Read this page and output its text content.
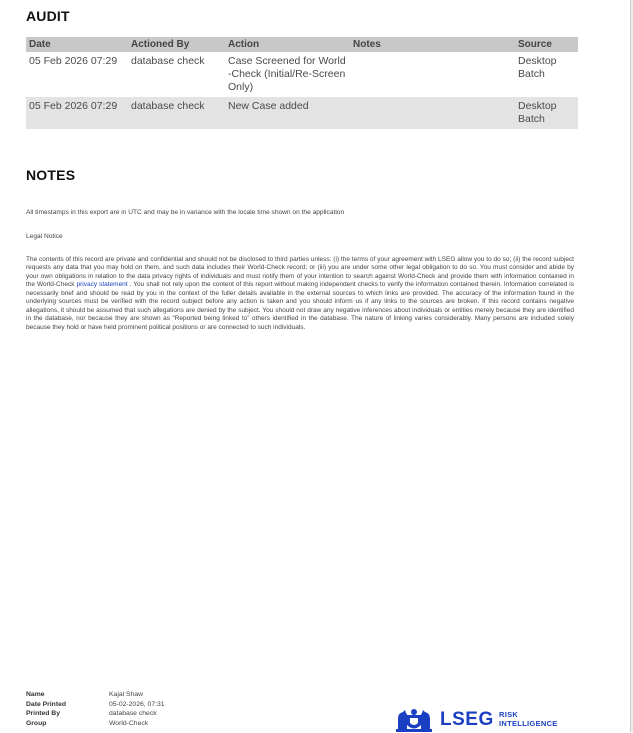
AUDIT
Date	Actioned By	Action	Notes	Source
05 Feb 2026 07:29	database check	Case Screened for World-Check (Initial/Re-Screen Only)		Desktop Batch
05 Feb 2026 07:29	database check	New Case added		Desktop Batch
NOTES
All timestamps in this export are in UTC and may be in variance with the locale time shown on the application
Legal Notice
The contents of this record are private and confidential and should not be disclosed to third parties unless: (i) the terms of your agreement with LSEG allow you to do so; (ii) the record subject requests any data that you may hold on them, and such data includes their World-Check record; or (iii) you are under some other legal obligation to do so. You must consider and abide by your own obligations in relation to the data privacy rights of individuals and must notify them of your intention to search against World-Check and provide them with information contained in the World-Check privacy statement . You shall not rely upon the content of this report without making independent checks to verify the information contained therein. Information correlated is necessarily brief and should be read by you in the context of the fuller details available in the external sources to which links are provided. The accuracy of the information found in the underlying sources must be verified with the record subject before any action is taken and you should inform us if any links to the sources are broken. If this record contains negative allegations, it should be assumed that such allegations are denied by the subject. You should not draw any negative inferences about individuals or entities merely because they are identified in the database, nor because they are shown as “Reported being linked to” others identified in the database. The nature of linking varies considerably. Many persons are included solely because they hold or have held prominent political positions or are connected to such individuals.
Name	Kajal Shaw
Date Printed	05-02-2026, 07:31
Printed By	database check
Group	World-Check	LSEG RISK
INTELLIGENCE
